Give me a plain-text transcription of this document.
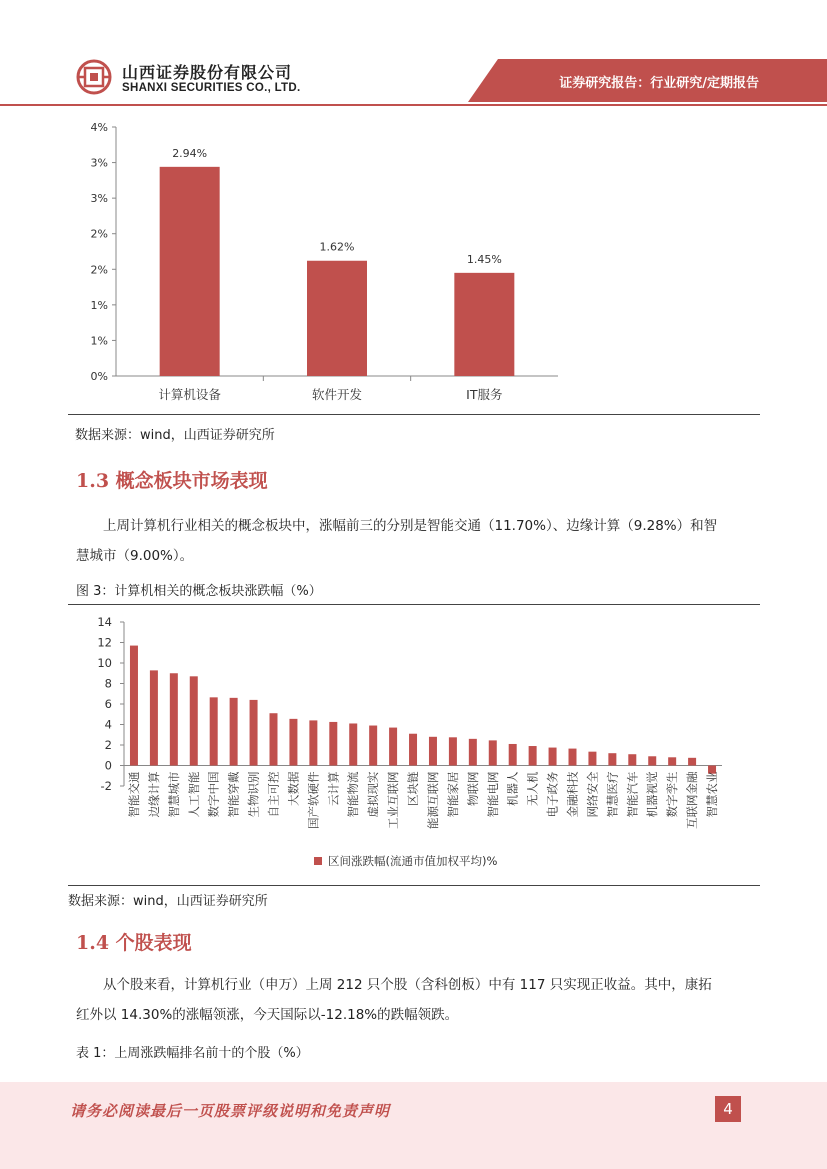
山西证券股份有限公司
SHANXI SECURITIES CO., LTD.	证券研究报告：行业研究/定期报告
0%
1%
1%
2%
2%
3%
3%
4%
2.94%
计算机设备
1.62%
软件开发
1.45%
IT服务
数据来源：wind，山西证券研究所
1.3 概念板块市场表现
上周计算机行业相关的概念板块中，涨幅前三的分别是智能交通（11.70%）、边缘计算（9.28%）和智
慧城市（9.00%）。
图 3：计算机相关的概念板块涨跌幅（%）
-2
0
2
4
6
8
10
12
14
智能交通 边缘计算 智慧城市 人工智能 数字中国 智能穿戴 生物识别 自主可控 大数据 国产软硬件 云计算 智能物流 虚拟现实 工业互联网 区块链 能源互联网 智能家居 物联网 智能电网 机器人 无人机 电子政务 金融科技 网络安全 智慧医疗 智能汽车 机器视觉 数字孪生 互联网金融 智慧农业
区间涨跌幅(流通市值加权平均)%
数据来源：wind，山西证券研究所
1.4 个股表现
从个股来看，计算机行业（申万）上周 212 只个股（含科创板）中有 117 只实现正收益。其中，康拓
红外以 14.30%的涨幅领涨，今天国际以-12.18%的跌幅领跌。
表 1：上周涨跌幅排名前十的个股（%）
请务必阅读最后一页股票评级说明和免责声明	4
